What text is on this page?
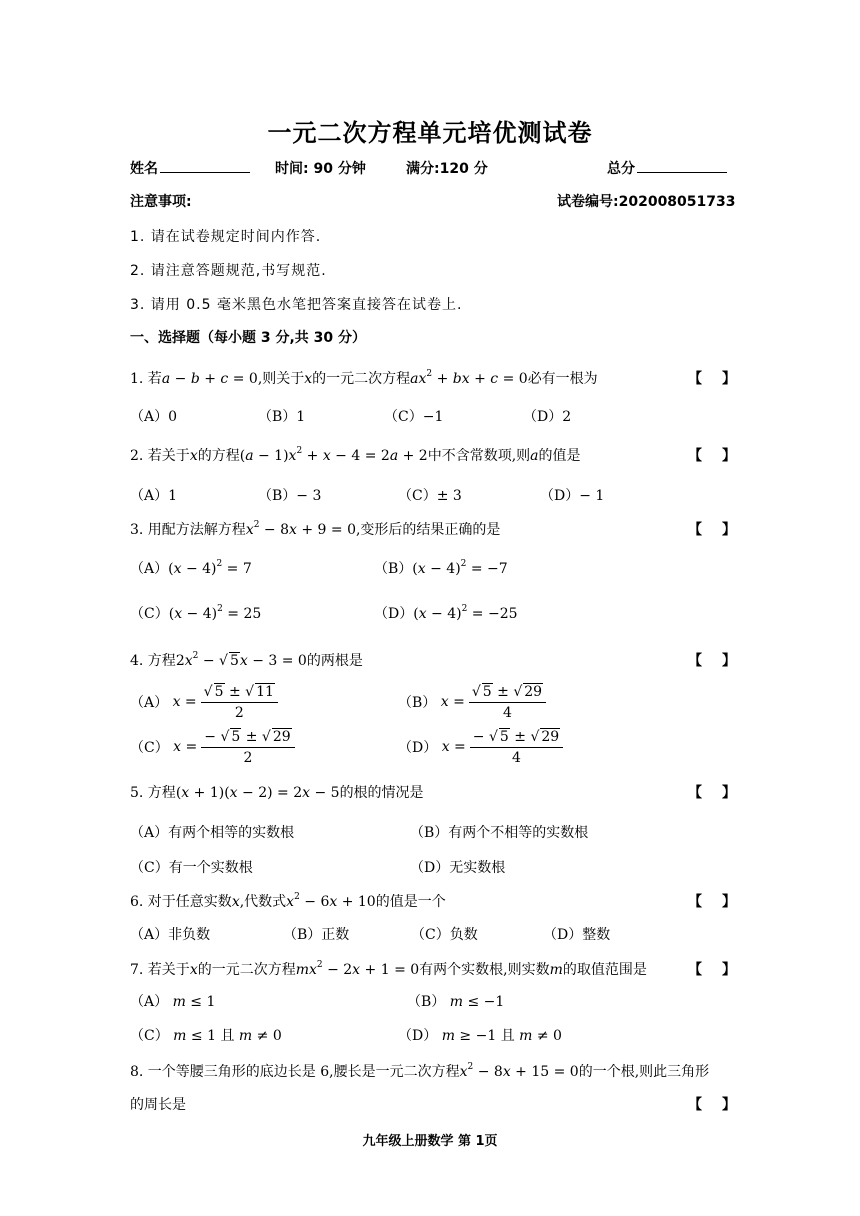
一元二次方程单元培优测试卷
姓名	时间: 90 分钟	满分:120 分	总分
注意事项:	试卷编号:202008051733
1. 请在试卷规定时间内作答.
2. 请注意答题规范,书写规范.
3. 请用 0.5 毫米黑色水笔把答案直接答在试卷上.
一、选择题（每小题 3 分,共 30 分）
1. 若a − b + c = 0,则关于x的一元二次方程$ax^2$ + bx + c = 0必有一根为	【】
（A）0	（B）1	（C）−1	（D）2
2. 若关于x的方程$(a - 1)x^2 + x - 4 = 2a + 2$中不含常数项,则a的值是	【】
（A）1	（B）− 3	（C）± 3	（D）− 1
3. 用配方法解方程$x^2 - 8x + 9 = 0$,变形后的结果正确的是	【】
$(A)(x - 4)^2 = 7$	$(B)(x - 4)^2 = -7$
$(C)(x - 4)^2 = 25$	$(D)(x - 4)^2 = -25$
4. 方程$2x^2$ − √ 5x − 3 = 0的两根是	【】
（A）
$x = \frac{√ 5 \pm √ 11}{2}$	（B）
$x = \frac{√ 5 \pm √ 29}{4}$
（C）
$x = \frac{- √ 5 \pm √ 29}{2}$	（D）
$x = \frac{- √ 5 \pm √ 29}{4}$
5. 方程(x + 1)(x − 2) = 2x − 5的根的情况是	【】
（A）有两个相等的实数根	（B）有两个不相等的实数根
（C）有一个实数根	（D）无实数根
6. 对于任意实数x,代数式$x^2 - 6x + 10$的值是一个	【】
（A）非负数	（B）正数	（C）负数	（D）整数
7. 若关于x的一元二次方程$mx^2 - 2x + 1 = 0$有两个实数根,则实数m的取值范围是	【】
（A） m ≤ 1	（B） m ≤ −1
（C） m ≤ 1 且 m ≠ 0	（D） m ≥ −1 且 m ≠ 0
8. 一个等腰三角形的底边长是 6,腰长是一元二次方程$x^2 - 8x + 15 = 0$的一个根,则此三角形
的周长是	【】
九年级上册数学 第 1页
